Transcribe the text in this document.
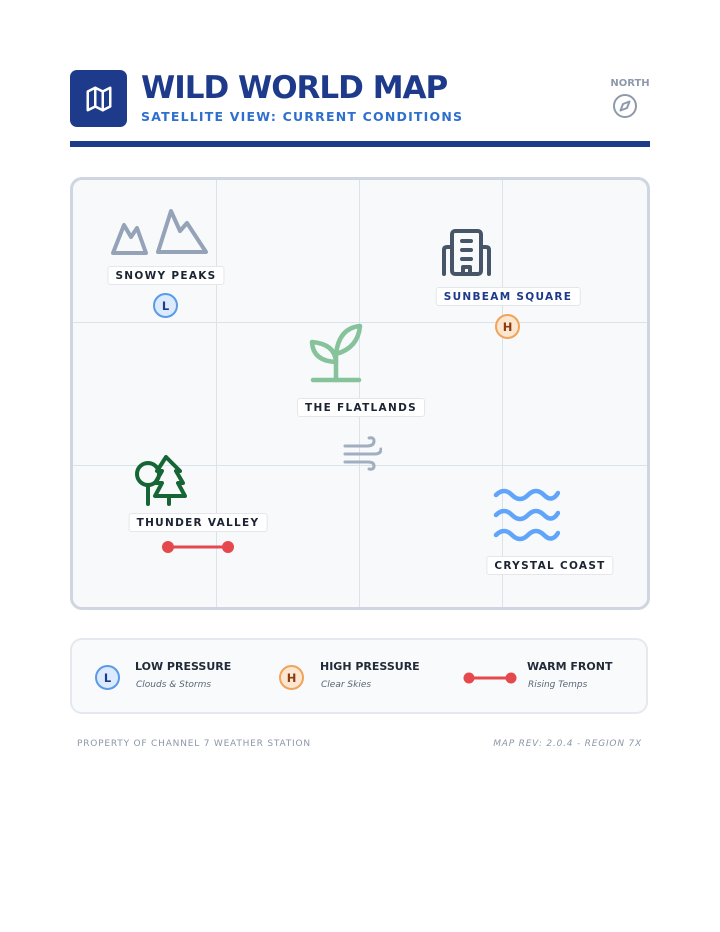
WILD WORLD MAP
SATELLITE VIEW: CURRENT CONDITIONS
NORTH
SNOWY PEAKS
L
SUNBEAM SQUARE
H
THE FLATLANDS
THUNDER VALLEY
CRYSTAL COAST
L
LOW PRESSURE
Clouds & Storms
H
HIGH PRESSURE
Clear Skies
WARM FRONT
Rising Temps
PROPERTY OF CHANNEL 7 WEATHER STATION	MAP REV: 2.0.4 - REGION 7X
